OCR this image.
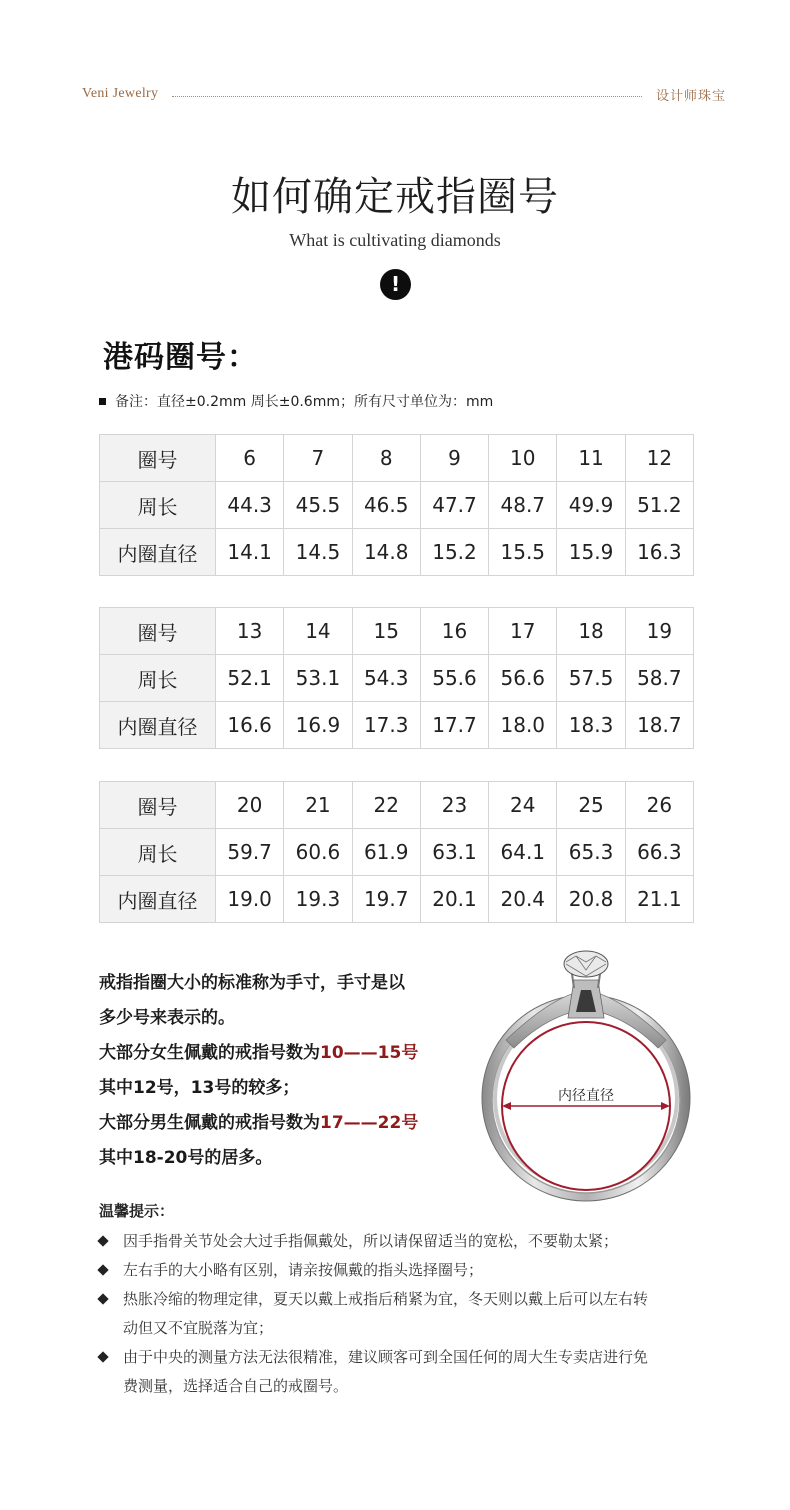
Veni Jewelry	设计师珠宝
如何确定戒指圈号
What is cultivating diamonds
!
港码圈号：
备注：直径±0.2mm 周长±0.6mm；所有尺寸单位为：mm
圈号	6	7	8	9	10	11	12
周长	44.3	45.5	46.5	47.7	48.7	49.9	51.2
内圈直径	14.1	14.5	14.8	15.2	15.5	15.9	16.3
圈号	13	14	15	16	17	18	19
周长	52.1	53.1	54.3	55.6	56.6	57.5	58.7
内圈直径	16.6	16.9	17.3	17.7	18.0	18.3	18.7
圈号	20	21	22	23	24	25	26
周长	59.7	60.6	61.9	63.1	64.1	65.3	66.3
内圈直径	19.0	19.3	19.7	20.1	20.4	20.8	21.1
戒指指圈大小的标准称为手寸，手寸是以
多少号来表示的。
大部分女生佩戴的戒指号数为10——15号
其中12号，13号的较多；
大部分男生佩戴的戒指号数为17——22号
其中18-20号的居多。
内径直径
温馨提示：
因手指骨关节处会大过手指佩戴处，所以请保留适当的宽松，不要勒太紧；
左右手的大小略有区别，请亲按佩戴的指头选择圈号；
热胀冷缩的物理定律，夏天以戴上戒指后稍紧为宜，冬天则以戴上后可以左右转
动但又不宜脱落为宜；
由于中央的测量方法无法很精准，建议顾客可到全国任何的周大生专卖店进行免
费测量，选择适合自己的戒圈号。
